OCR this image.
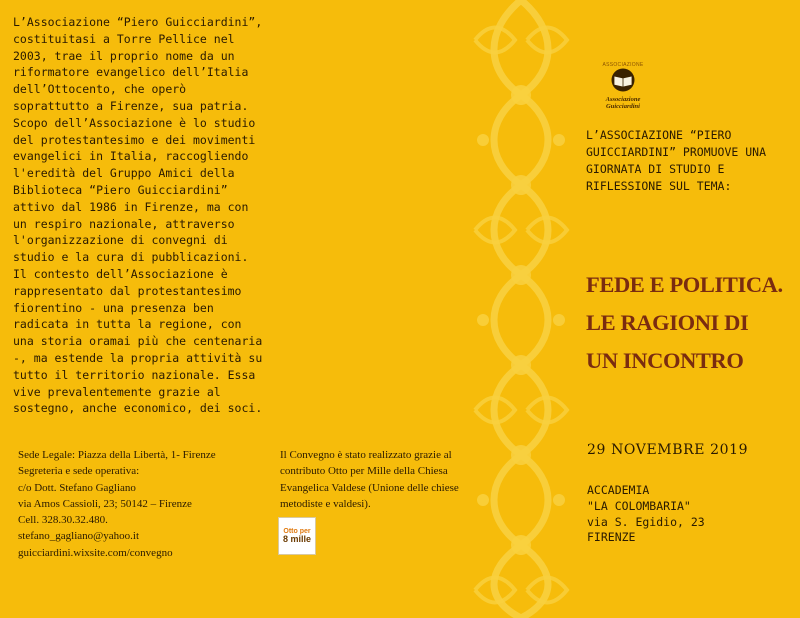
L’Associazione “Piero Guicciardini”, costituitasi a Torre Pellice nel 2003, trae il proprio nome da un riformatore evangelico dell’Italia dell’Ottocento, che operò soprattutto a Firenze, sua patria. Scopo dell’Associazione è lo studio del protestantesimo e dei movimenti evangelici in Italia, raccogliendo l'eredità del Gruppo Amici della Biblioteca “Piero Guicciardini” attivo dal 1986 in Firenze, ma con un respiro nazionale, attraverso l'organizzazione di convegni di studio e la cura di pubblicazioni. Il contesto dell’Associazione è rappresentato dal protestantesimo fiorentino - una presenza ben radicata in tutta la regione, con una storia oramai più che centenaria -, ma estende la propria attività su tutto il territorio nazionale. Essa vive prevalentemente grazie al sostegno, anche economico, dei soci.

Sede Legale: Piazza della Libertà, 1- Firenze
Segreteria e sede operativa:
c/o Dott. Stefano Gagliano
via Amos Cassioli, 23; 50142 – Firenze
Cell. 328.30.32.480.
stefano_gagliano@yahoo.it
guicciardini.wixsite.com/convegno
Il Convegno è stato realizzato grazie al contributo Otto per Mille della Chiesa Evangelica Valdese (Unione delle chiese metodiste e valdesi).
Otto per
8 mille
ASSOCIAZIONE
Associazione
Guicciardini
L’ASSOCIAZIONE “PIERO GUICCIARDINI” PROMUOVE UNA GIORNATA DI STUDIO E RIFLESSIONE SUL TEMA:
FEDE E POLITICA.
LE RAGIONI DI
UN INCONTRO
29 NOVEMBRE 2019
ACCADEMIA
"LA COLOMBARIA"
via S. Egidio, 23
FIRENZE
